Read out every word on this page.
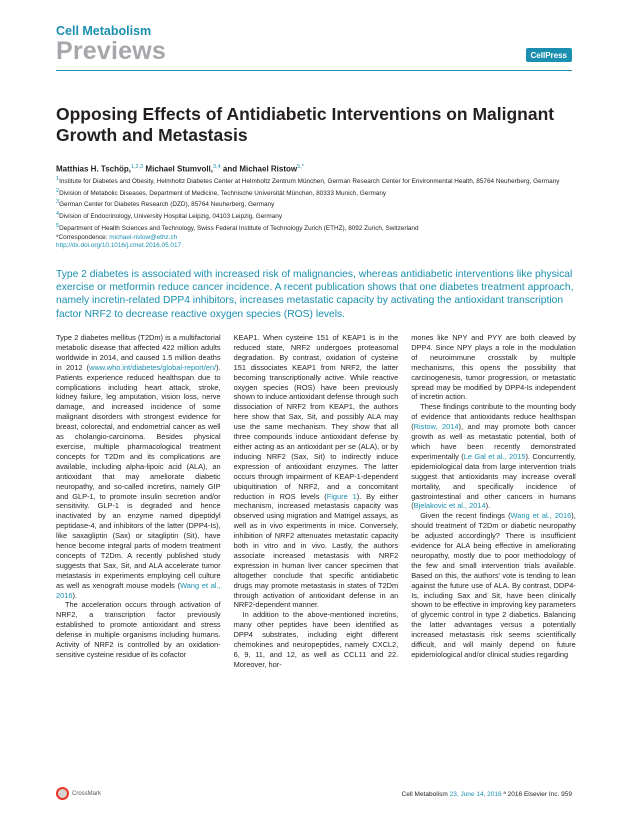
Cell Metabolism
Previews	CellPress
Opposing Effects of Antidiabetic Interventions on Malignant Growth and Metastasis
Matthias H. Tschöp,$^{1,2,3}$ Michael Stumvoll,$^{3,4}$ and Michael Ristow$^{5,*}$
$^1$Institute for Diabetes and Obesity, Helmholtz Diabetes Center at Helmholtz Zentrum München, German Research Center for Environmental Health, 85764 Neuherberg, Germany
$^2$Division of Metabolic Diseases, Department of Medicine, Technische Universität München, 80333 Munich, Germany
$^3$German Center for Diabetes Research (DZD), 85764 Neuherberg, Germany
$^4$Division of Endocrinology, University Hospital Leipzig, 04103 Leipzig, Germany
$^5$Department of Health Sciences and Technology, Swiss Federal Institute of Technology Zurich (ETHZ), 8092 Zurich, Switzerland
*Correspondence: michael-ristow@ethz.ch
http://dx.doi.org/10.1016/j.cmet.2016.05.017

Type 2 diabetes is associated with increased risk of malignancies, whereas antidiabetic interventions like physical exercise or metformin reduce cancer incidence. A recent publication shows that one diabetes treatment approach, namely incretin-related DPP4 inhibitors, increases metastatic capacity by activating the antioxidant transcription factor NRF2 to decrease reactive oxygen species (ROS) levels.

Type 2 diabetes mellitus (T2Dm) is a multifactorial metabolic disease that affected 422 million adults worldwide in 2014, and caused 1.5 million deaths in 2012 (www.who.int/diabetes/global-report/en/). Patients experience reduced healthspan due to complications including heart attack, stroke, kidney failure, leg amputation, vision loss, nerve damage, and increased incidence of some malignant disorders with strongest evidence for breast, colorectal, and endometrial cancer as well as cholangio-carcinoma. Besides physical exercise, multiple pharmacological treatment concepts for T2Dm and its complications are available, including alpha-lipoic acid (ALA), an antioxidant that may ameliorate diabetic neuropathy, and so-called incretins, namely GIP and GLP-1, to promote insulin secretion and/or sensitivity. GLP-1 is degraded and hence inactivated by an enzyme named dipeptidyl peptidase-4, and inhibitors of the latter (DPP4-Is), like saxagliptin (Sax) or sitagliptin (Sit), have hence become integral parts of modern treatment concepts of T2Dm. A recently published study suggests that Sax, Sit, and ALA accelerate tumor metastasis in experiments employing cell culture as well as xenograft mouse models (Wang et al., 2016).

The acceleration occurs through activation of NRF2, a transcription factor previously established to promote antioxidant and stress defense in multiple organisms including humans. Activity of NRF2 is controlled by an oxidation-sensitive cysteine residue of its cofactor

KEAP1. When cysteine 151 of KEAP1 is in the reduced state, NRF2 undergoes proteasomal degradation. By contrast, oxidation of cysteine 151 dissociates KEAP1 from NRF2, the latter becoming transcriptionally active. While reactive oxygen species (ROS) have been previously shown to induce antioxidant defense through such dissociation of NRF2 from KEAP1, the authors here show that Sax, Sit, and possibly ALA may use the same mechanism. They show that all three compounds induce antioxidant defense by either acting as an antioxidant per se (ALA), or by inducing NRF2 (Sax, Sit) to indirectly induce expression of antioxidant enzymes. The latter occurs through impairment of KEAP-1-dependent ubiquitination of NRF2, and a concomitant reduction in ROS levels (Figure 1). By either mechanism, increased metastasis capacity was observed using migration and Matrigel assays, as well as in vivo experiments in mice. Conversely, inhibition of NRF2 attenuates metastatic capacity both in vitro and in vivo. Lastly, the authors associate increased metastasis with NRF2 expression in human liver cancer specimen that altogether conclude that specific antidiabetic drugs may promote metastasis in states of T2Dm through activation of antioxidant defense in an NRF2-dependent manner.

In addition to the above-mentioned incretins, many other peptides have been identified as DPP4 substrates, including eight different chemokines and neuropeptides, namely CXCL2, 6, 9, 11, and 12, as well as CCL11 and 22. Moreover, hor-

mones like NPY and PYY are both cleaved by DPP4. Since NPY plays a role in the modulation of neuroimmune crosstalk by multiple mechanisms, this opens the possibility that carcinogenesis, tumor progression, or metastatic spread may be modified by DPP4-Is independent of incretin action.

These findings contribute to the mounting body of evidence that antioxidants reduce healthspan (Ristow, 2014), and may promote both cancer growth as well as metastatic potential, both of which have been recently demonstrated experimentally (Le Gal et al., 2015). Concurrently, epidemiological data from large intervention trials suggest that antioxidants may increase overall mortality, and specifically incidence of gastrointestinal and other cancers in humans (Bjelakovic et al., 2014).

Given the recent findings (Wang et al., 2016), should treatment of T2Dm or diabetic neuropathy be adjusted accordingly? There is insufficient evidence for ALA being effective in ameliorating neuropathy, mostly due to poor methodology of the few and small intervention trials available. Based on this, the authors' vote is tending to lean against the future use of ALA. By contrast, DDP4-Is, including Sax and Sit, have been clinically shown to be effective in improving key parameters of glycemic control in type 2 diabetics. Balancing the latter advantages versus a potentially increased metastasis risk seems scientifically difficult, and will mainly depend on future epidemiological and/or clinical studies regarding

CrossMark	Cell Metabolism 23, June 14, 2016 ª 2016 Elsevier Inc. 959
